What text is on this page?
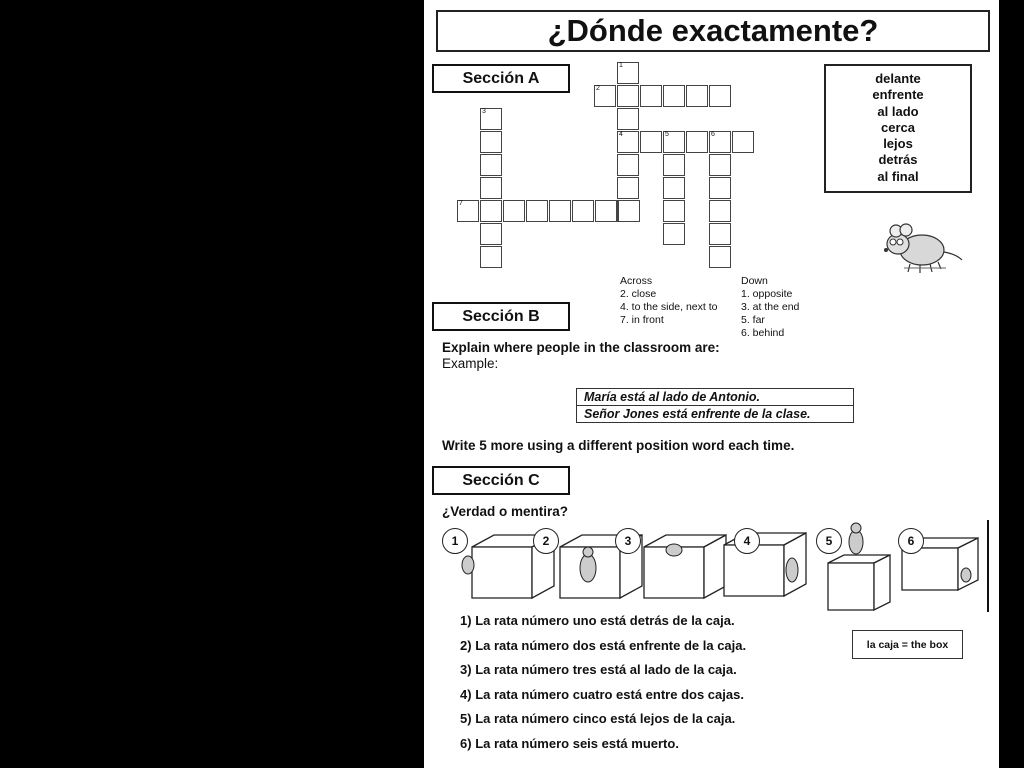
¿Dónde exactamente?
Sección A
1
2
3
4	5	6
7
delante
enfrente
al lado
cerca
lejos
detrás
al final
Across
2. close
4. to the side, next to
7. in front
Down
1. opposite
3. at the end
5. far
6. behind
Sección B
Explain where people in the classroom are:
Example:
María está al lado de Antonio.
Señor Jones está enfrente de la clase.
Write 5 more using a different position word each time.
Sección C
¿Verdad o mentira?
1	2	3	4	5	6
1) La rata número uno está detrás de la caja.
2) La rata número dos está enfrente de la caja.
3) La rata número tres está al lado de la caja.
4) La rata número cuatro está entre dos cajas.
5) La rata número cinco está lejos de la caja.
6) La rata número seis está muerto.
la caja = the box
